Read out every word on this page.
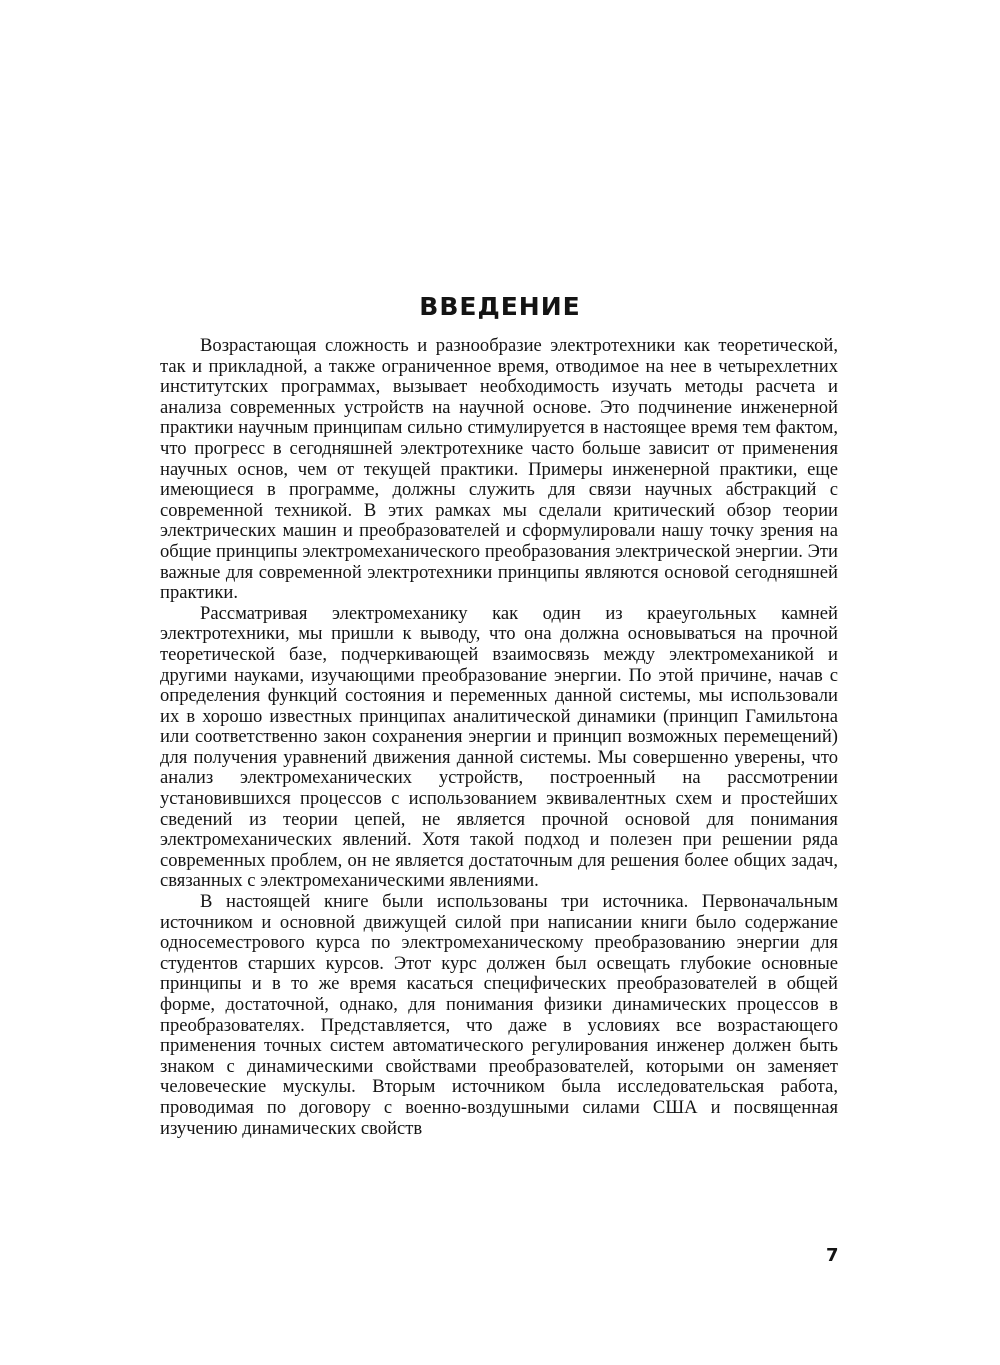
ВВЕДЕНИЕ

Возрастающая сложность и разнообразие электротехники как теоретической, так и прикладной, а также ограниченное время, отводимое на нее в четырехлетних институтских программах, вызывает необходимость изучать методы расчета и анализа современных устройств на научной основе. Это подчинение инженерной практики научным принципам сильно стимулируется в настоящее время тем фактом, что прогресс в сегодняшней электротехнике часто больше зависит от применения научных основ, чем от текущей практики. Примеры инженерной практики, еще имеющиеся в программе, должны служить для связи научных абстракций с современной техникой. В этих рамках мы сделали критический обзор теории электрических машин и преобразователей и сформулировали нашу точку зрения на общие принципы электромеханического преобразования электрической энергии. Эти важные для современной электротехники принципы являются основой сегодняшней практики.

Рассматривая электромеханику как один из краеугольных камней электротехники, мы пришли к выводу, что она должна основываться на прочной теоретической базе, подчеркивающей взаимосвязь между электромеханикой и другими науками, изучающими преобразование энергии. По этой причине, начав с определения функций состояния и переменных данной системы, мы использовали их в хорошо известных принципах аналитической динамики (принцип Гамильтона или соответственно закон сохранения энергии и принцип возможных перемещений) для получения уравнений движения данной системы. Мы совершенно уверены, что анализ электромеханических устройств, построенный на рассмотрении установившихся процессов с использованием эквивалентных схем и простейших сведений из теории цепей, не является прочной основой для понимания электромеханических явлений. Хотя такой подход и полезен при решении ряда современных проблем, он не является достаточным для решения более общих задач, связанных с электромеханическими явлениями.

В настоящей книге были использованы три источника. Первоначальным источником и основной движущей силой при написании книги было содержание односеместрового курса по электромеханическому преобразованию энергии для студентов старших курсов. Этот курс должен был освещать глубокие основные принципы и в то же время касаться специфических преобразователей в общей форме, достаточной, однако, для понимания физики динамических процессов в преобразователях. Представляется, что даже в условиях все возрастающего применения точных систем автоматического регулирования инженер должен быть знаком с динамическими свойствами преобразователей, которыми он заменяет человеческие мускулы. Вторым источником была исследовательская работа, проводимая по договору с военно-воздушными силами США и посвященная изучению динамических свойств

7
